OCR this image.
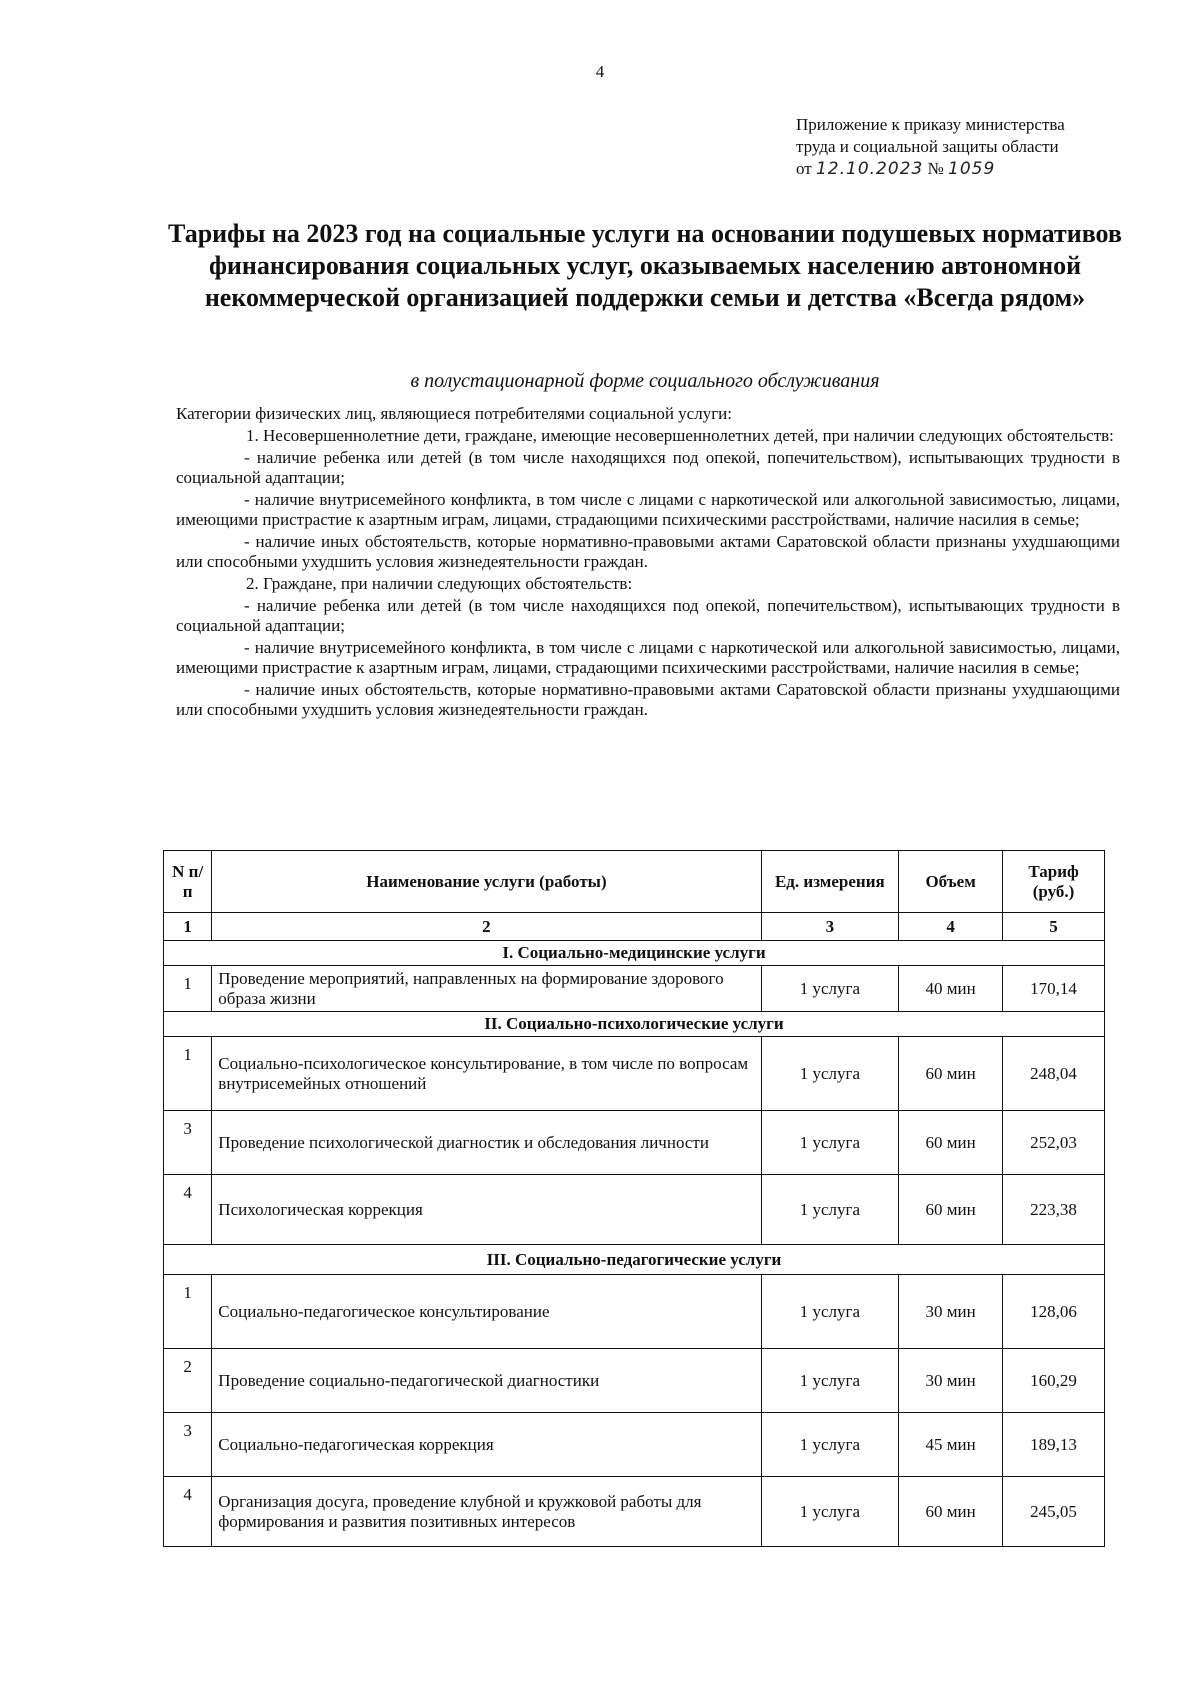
4
Приложение к приказу министерства
труда и социальной защиты области
от 12.10.2023 № 1059
Тарифы на 2023 год на социальные услуги на основании подушевых нормативов финансирования социальных услуг, оказываемых населению автономной некоммерческой организацией поддержки семьи и детства «Всегда рядом»
в полустационарной форме социального обслуживания

Категории физических лиц, являющиеся потребителями социальной услуги:

1. Несовершеннолетние дети, граждане, имеющие несовершеннолетних детей, при наличии следующих обстоятельств:

- наличие ребенка или детей (в том числе находящихся под опекой, попечительством), испытывающих трудности в социальной адаптации;

- наличие внутрисемейного конфликта, в том числе с лицами с наркотической или алкогольной зависимостью, лицами, имеющими пристрастие к азартным играм, лицами, страдающими психическими расстройствами, наличие насилия в семье;

- наличие иных обстоятельств, которые нормативно-правовыми актами Саратовской области признаны ухудшающими или способными ухудшить условия жизнедеятельности граждан.

2. Граждане, при наличии следующих обстоятельств:

- наличие ребенка или детей (в том числе находящихся под опекой, попечительством), испытывающих трудности в социальной адаптации;

- наличие внутрисемейного конфликта, в том числе с лицами с наркотической или алкогольной зависимостью, лицами, имеющими пристрастие к азартным играм, лицами, страдающими психическими расстройствами, наличие насилия в семье;

- наличие иных обстоятельств, которые нормативно-правовыми актами Саратовской области признаны ухудшающими или способными ухудшить условия жизнедеятельности граждан.

N п/п	Наименование услуги (работы)	Ед. измерения	Объем	Тариф (руб.)
1	2	3	4	5
I. Социально-медицинские услуги				
1	Проведение мероприятий, направленных на формирование здорового образа жизни	1 услуга	40 мин	170,14
II. Социально-психологические услуги				
1	Социально-психологическое консультирование, в том числе по вопросам внутрисемейных отношений	1 услуга	60 мин	248,04
3	Проведение психологической диагностик и обследования личности	1 услуга	60 мин	252,03
4	Психологическая коррекция	1 услуга	60 мин	223,38
III. Социально-педагогические услуги				
1	Социально-педагогическое консультирование	1 услуга	30 мин	128,06
2	Проведение социально-педагогической диагностики	1 услуга	30 мин	160,29
3	Социально-педагогическая коррекция	1 услуга	45 мин	189,13
4	Организация досуга, проведение клубной и кружковой работы для формирования и развития позитивных интересов	1 услуга	60 мин	245,05
